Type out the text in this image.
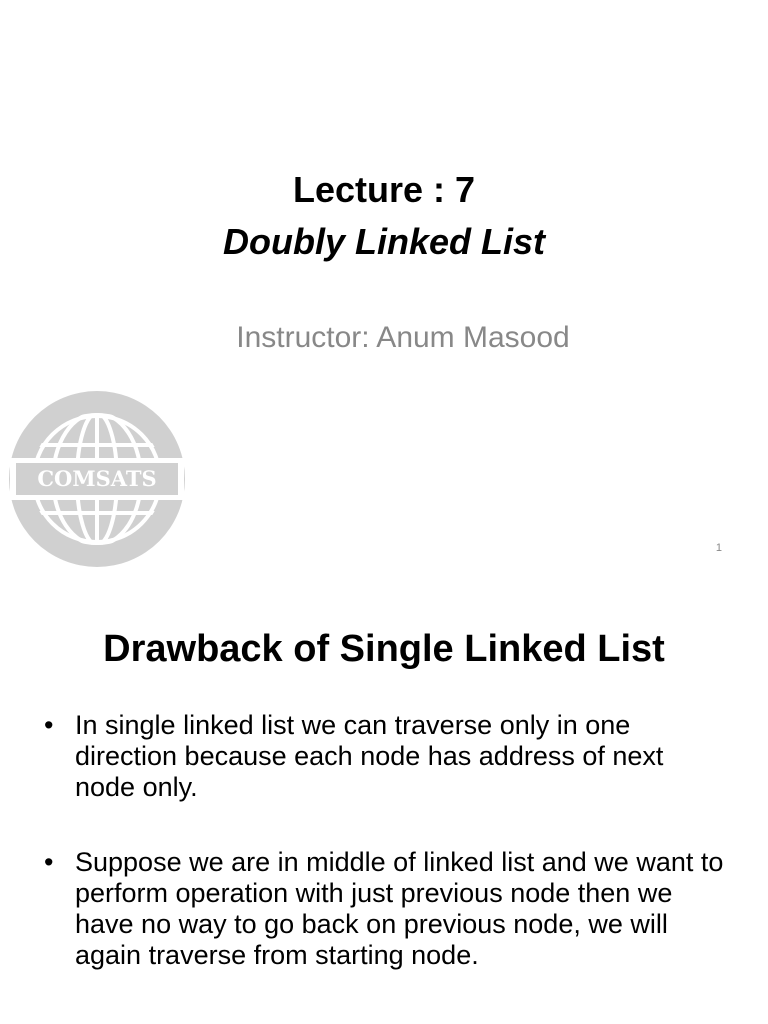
Lecture : 7
Doubly Linked List
Instructor: Anum Masood
COMSATS
1
Drawback of Single Linked List
• In single linked list we can traverse only in one direction because each node has address of next node only.
• Suppose we are in middle of linked list and we want to perform operation with just previous node then we have no way to go back on previous node, we will again traverse from starting node.
